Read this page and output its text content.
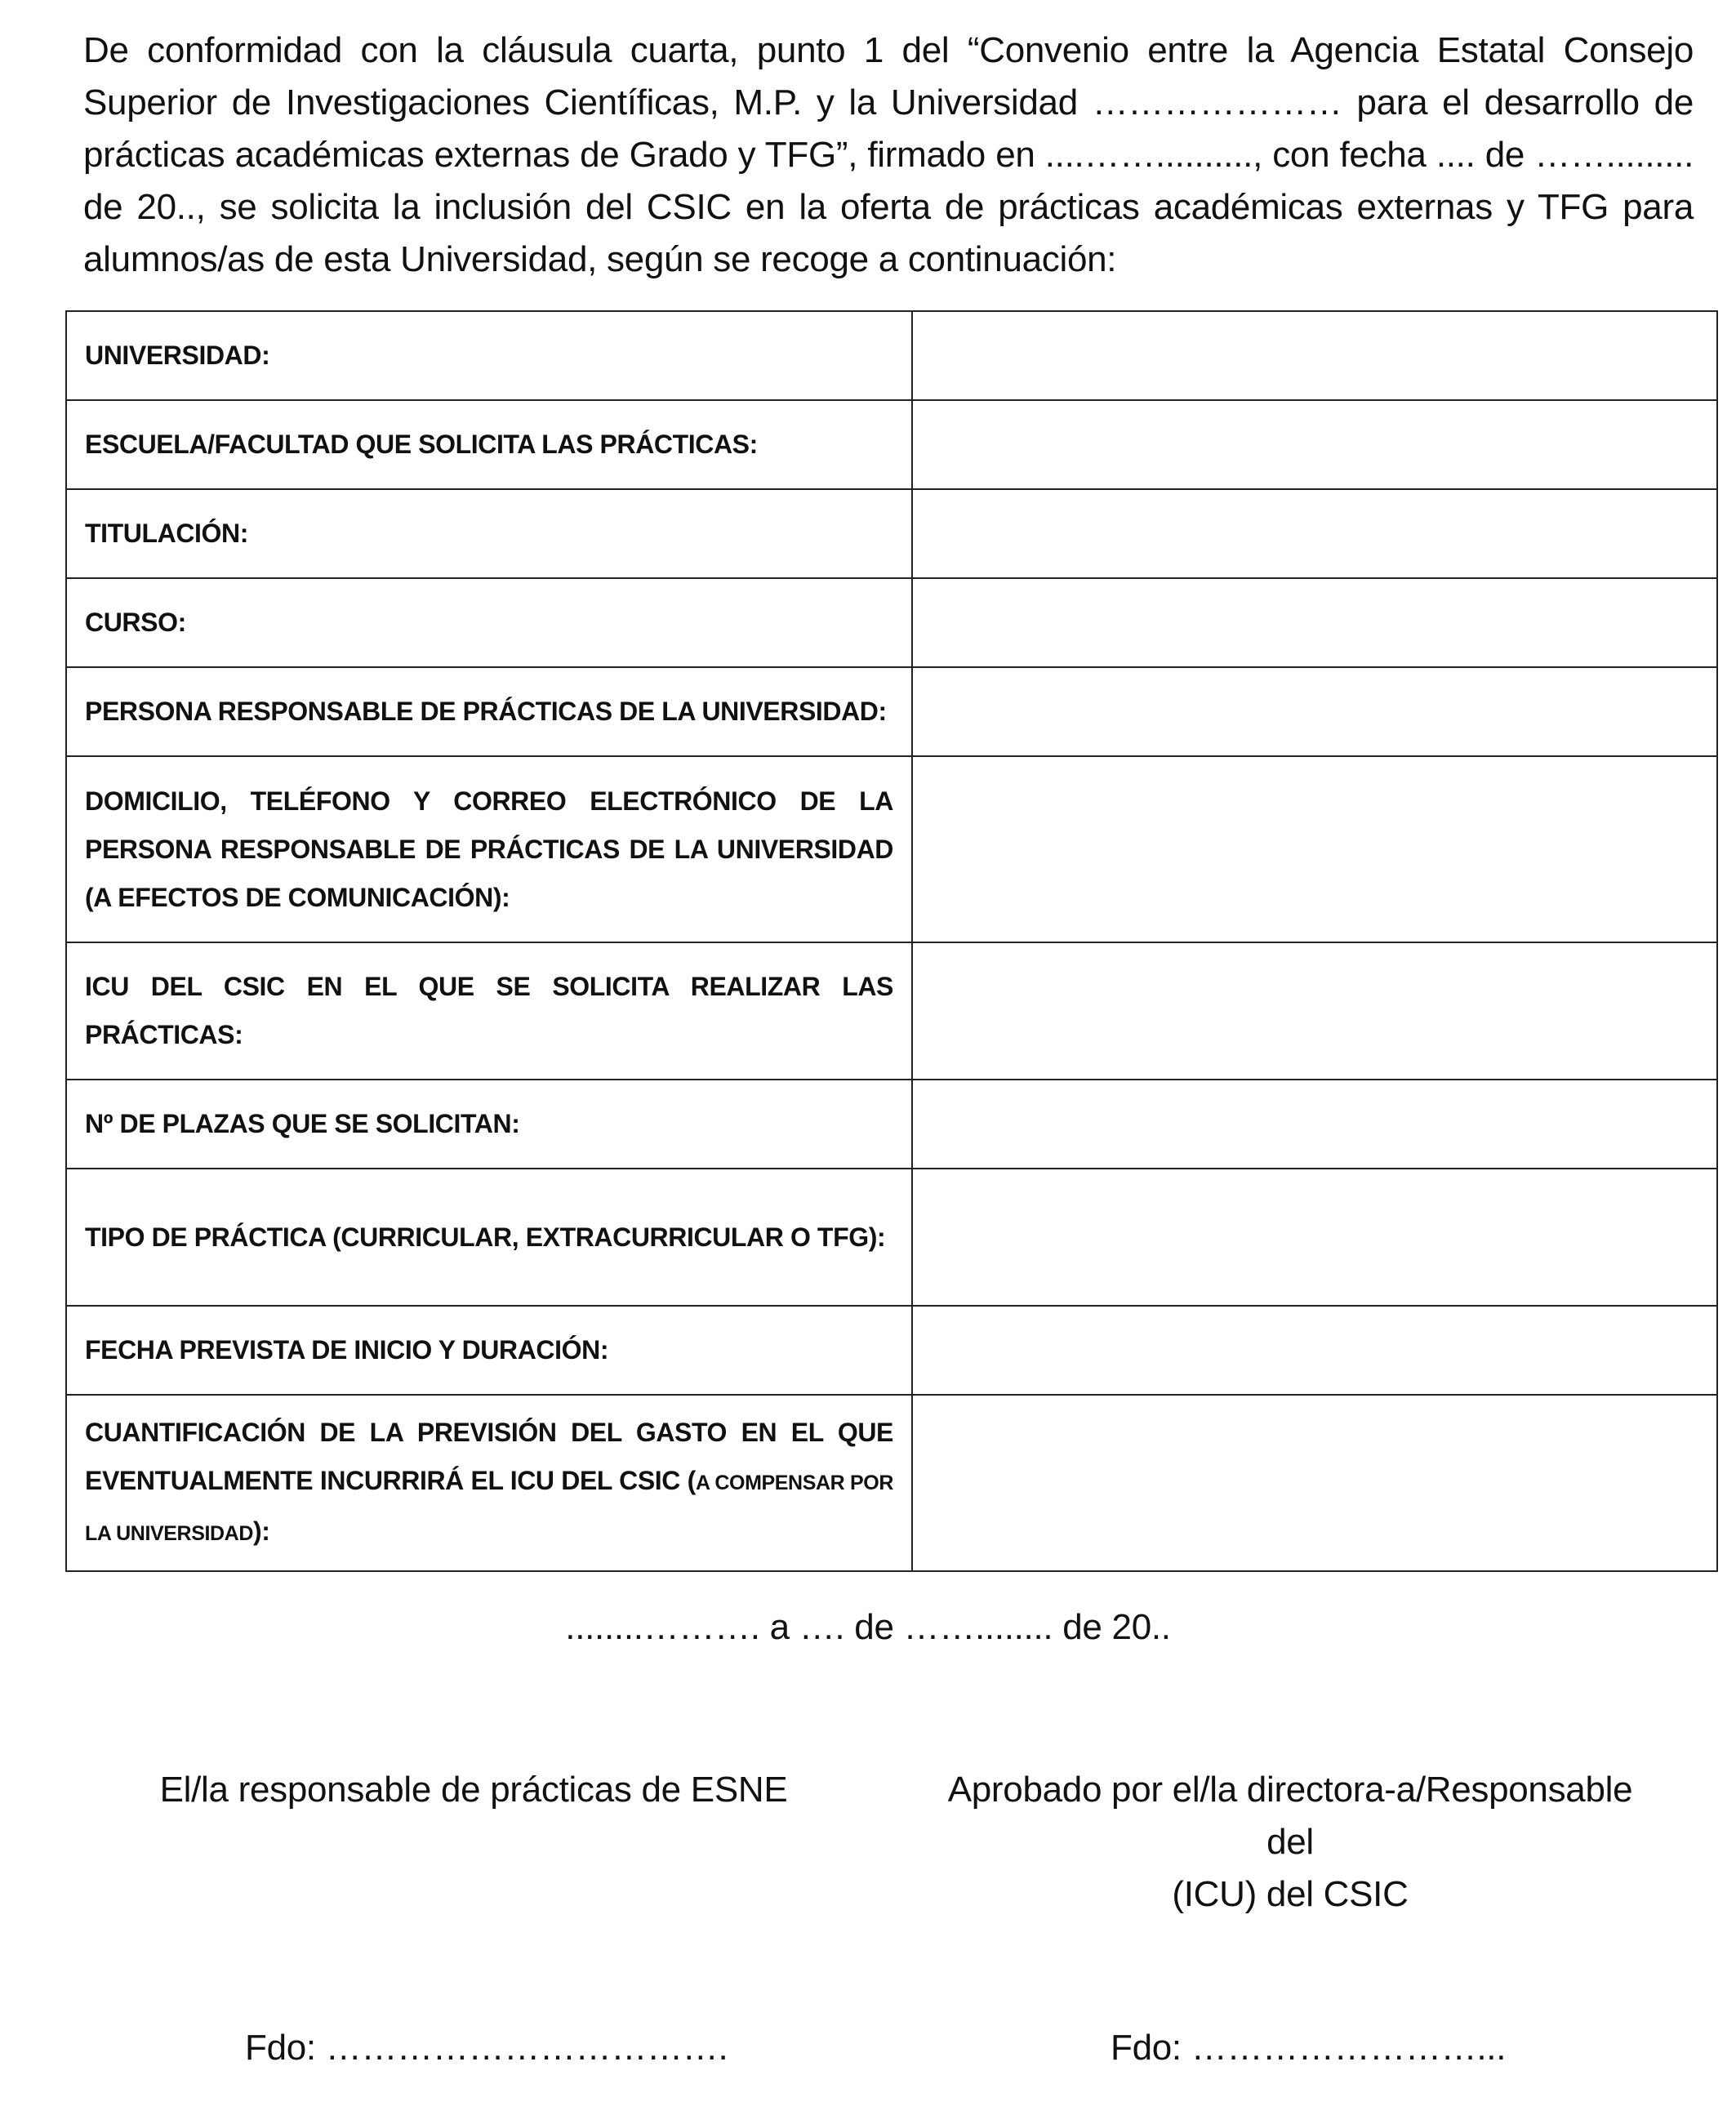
De conformidad con la cláusula cuarta, punto 1 del “Convenio entre la Agencia Estatal Consejo Superior de Investigaciones Científicas, M.P. y la Universidad ………………… para el desarrollo de prácticas académicas externas de Grado y TFG”, firmado en ....…….........., con fecha .... de ……......... de 20.., se solicita la inclusión del CSIC en la oferta de prácticas académicas externas y TFG para alumnos/as de esta Universidad, según se recoge a continuación:

UNIVERSIDAD:	
ESCUELA/FACULTAD QUE SOLICITA LAS PRÁCTICAS:	
TITULACIÓN:	
CURSO:	
PERSONA RESPONSABLE DE PRÁCTICAS DE LA UNIVERSIDAD:	
DOMICILIO, TELÉFONO Y CORREO ELECTRÓNICO DE LA PERSONA RESPONSABLE DE PRÁCTICAS DE LA UNIVERSIDAD (A EFECTOS DE COMUNICACIÓN):	
ICU DEL CSIC EN EL QUE SE SOLICITA REALIZAR LAS PRÁCTICAS:	
Nº DE PLAZAS QUE SE SOLICITAN:	
TIPO DE PRÁCTICA (CURRICULAR, EXTRACURRICULAR O TFG):	
FECHA PREVISTA DE INICIO Y DURACIÓN:	
CUANTIFICACIÓN DE LA PREVISIÓN DEL GASTO EN EL QUE EVENTUALMENTE INCURRIRÁ EL ICU DEL CSIC (A COMPENSAR POR LA UNIVERSIDAD):	
........………. a …. de ……........ de 20..
El/la responsable de prácticas de ESNE	Aprobado por el/la directora-a/Responsable del
(ICU) del CSIC
Fdo: …………………………….	Fdo: ……………………...
